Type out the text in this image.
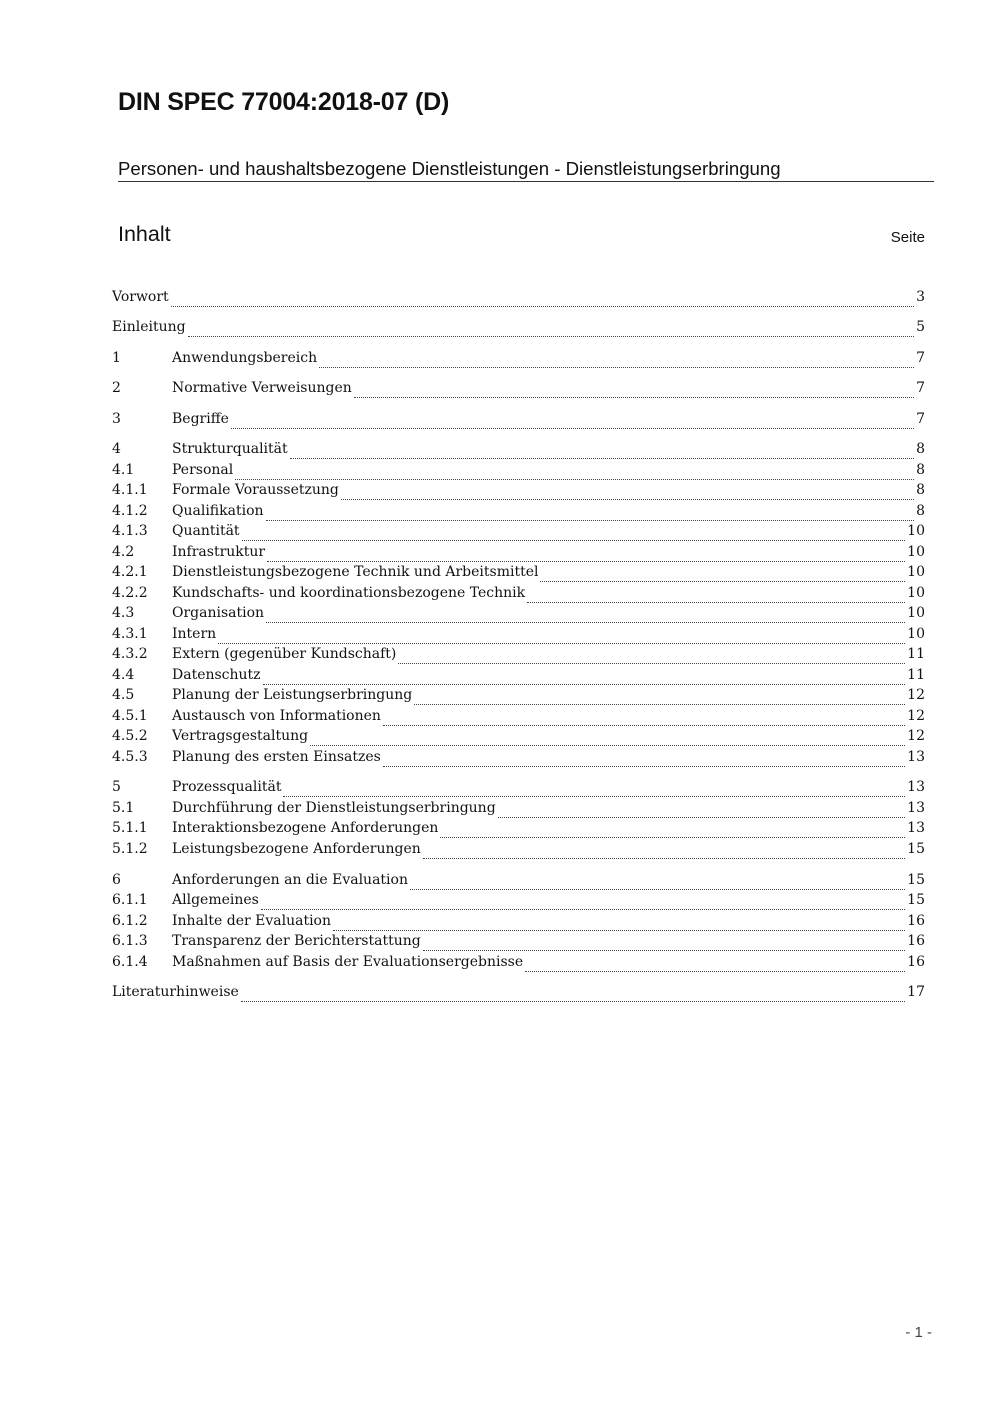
DIN SPEC 77004:2018-07 (D)
Personen- und haushaltsbezogene Dienstleistungen - Dienstleistungserbringung
Inhalt	Seite
Vorwort	3
Einleitung	5
1	Anwendungsbereich	7
2	Normative Verweisungen	7
3	Begriffe	7
4	Strukturqualität	8
4.1	Personal	8
4.1.1	Formale Voraussetzung	8
4.1.2	Qualifikation	8
4.1.3	Quantität	10
4.2	Infrastruktur	10
4.2.1	Dienstleistungsbezogene Technik und Arbeitsmittel	10
4.2.2	Kundschafts- und koordinationsbezogene Technik	10
4.3	Organisation	10
4.3.1	Intern	10
4.3.2	Extern (gegenüber Kundschaft)	11
4.4	Datenschutz	11
4.5	Planung der Leistungserbringung	12
4.5.1	Austausch von Informationen	12
4.5.2	Vertragsgestaltung	12
4.5.3	Planung des ersten Einsatzes	13
5	Prozessqualität	13
5.1	Durchführung der Dienstleistungserbringung	13
5.1.1	Interaktionsbezogene Anforderungen	13
5.1.2	Leistungsbezogene Anforderungen	15
6	Anforderungen an die Evaluation	15
6.1.1	Allgemeines	15
6.1.2	Inhalte der Evaluation	16
6.1.3	Transparenz der Berichterstattung	16
6.1.4	Maßnahmen auf Basis der Evaluationsergebnisse	16
Literaturhinweise	17
- 1 -
